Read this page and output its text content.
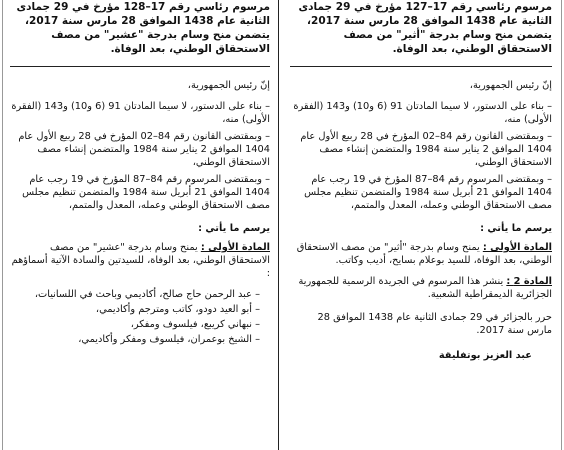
مرسوم رئاسي رقم 17–127 مؤرخ في 29 جمادى الثانية عام 1438 الموافق 28 مارس سنة 2017، يتضمن منح وسام بدرجة "أثير" من مصف الاستحقاق الوطني، بعد الوفاة.
إنّ رئيس الجمهورية،
– بناء على الدستور، لا سيما المادتان 91 (6 و10) و143 (الفقرة الأولى) منه،
– وبمقتضى القانون رقم 84–02 المؤرخ في 28 ربيع الأول عام 1404 الموافق 2 يناير سنة 1984 والمتضمن إنشاء مصف الاستحقاق الوطني،
– وبمقتضى المرسوم رقم 84–87 المؤرخ في 19 رجب عام 1404 الموافق 21 أبريل سنة 1984 والمتضمن تنظيم مجلس مصف الاستحقاق الوطني وعمله، المعدل والمتمم،
يرسم ما يأتي :
المادة الأولى : يمنح وسام بدرجة "أثير" من مصف الاستحقاق الوطني، بعد الوفاة، للسيد بوعلام بسايح، أديب وكاتب.
المادة 2 : ينشر هذا المرسوم في الجريدة الرسمية للجمهورية الجزائرية الديمقراطية الشعبية.
حرر بالجزائر في 29 جمادى الثانية عام 1438 الموافق 28 مارس سنة 2017.
عبد العزيز بوتفليقة
مرسوم رئاسي رقم 17–128 مؤرخ في 29 جمادى الثانية عام 1438 الموافق 28 مارس سنة 2017، يتضمن منح وسام بدرجة "عشير" من مصف الاستحقاق الوطني، بعد الوفاة.
إنّ رئيس الجمهورية،
– بناء على الدستور، لا سيما المادتان 91 (6 و10) و143 (الفقرة الأولى) منه،
– وبمقتضى القانون رقم 84–02 المؤرخ في 28 ربيع الأول عام 1404 الموافق 2 يناير سنة 1984 والمتضمن إنشاء مصف الاستحقاق الوطني،
– وبمقتضى المرسوم رقم 84–87 المؤرخ في 19 رجب عام 1404 الموافق 21 أبريل سنة 1984 والمتضمن تنظيم مجلس مصف الاستحقاق الوطني وعمله، المعدل والمتمم،
يرسم ما يأتي :
المادة الأولى : يمنح وسام بدرجة "عشير" من مصف الاستحقاق الوطني، بعد الوفاة، للسيدتين والسادة الآتية أسماؤهم :
– عبد الرحمن حاج صالح، أكاديمي وباحث في اللسانيات،
– أبو العيد دودو، كاتب ومترجم وأكاديمي،
– نبهاني كريبع، فيلسوف ومفكر،
– الشيخ بوعمران، فيلسوف ومفكر وأكاديمي،
